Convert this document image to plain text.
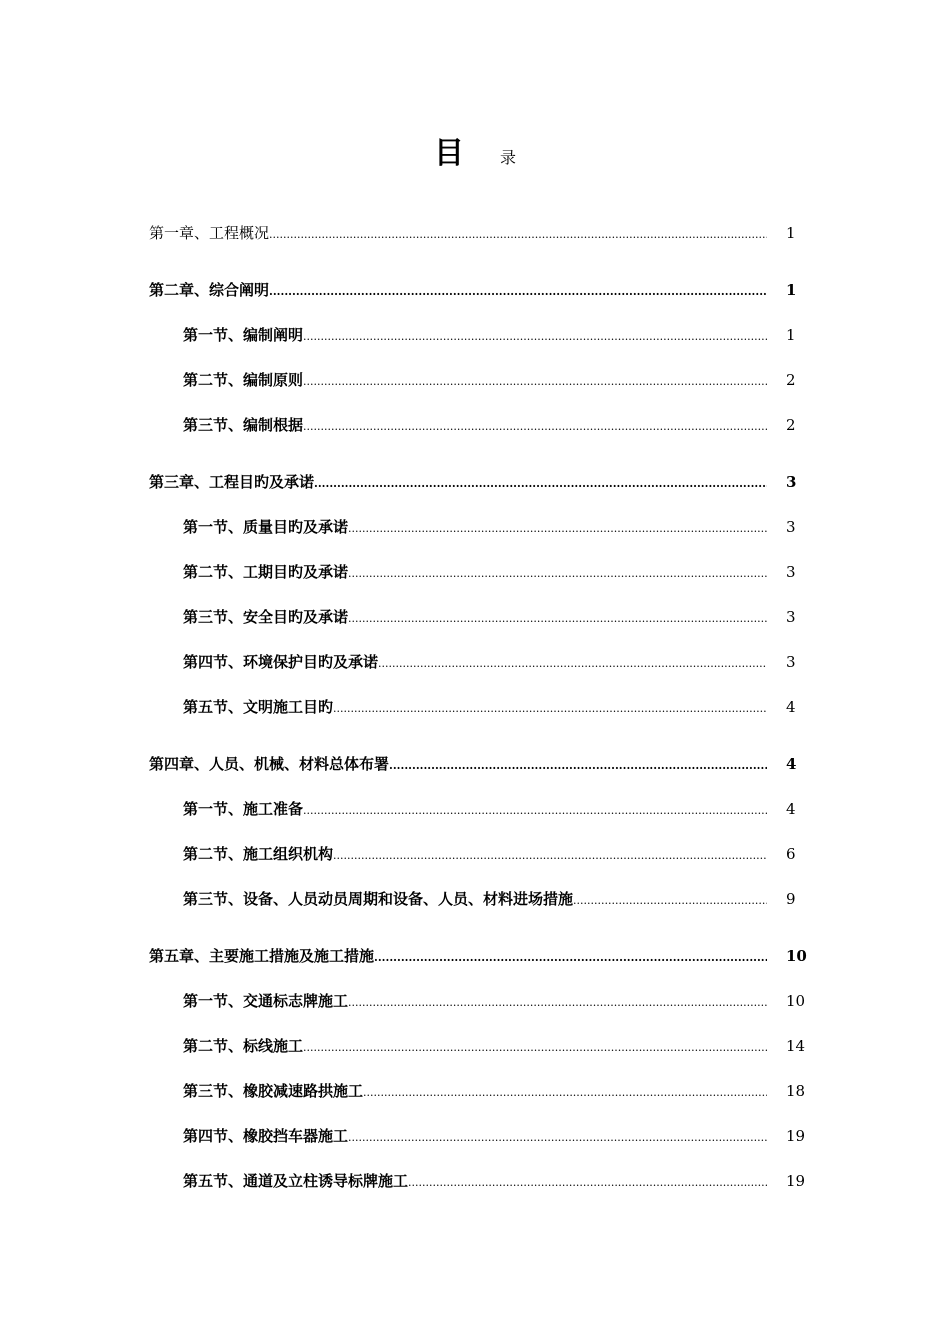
目 录
第一章、工程概况 .....	1
第二章、综合阐明 .....	1
第一节、编制阐明 .....	1
第二节、编制原则 .....	2
第三节、编制根据 .....	2
第三章、工程目旳及承诺 .....	3
第一节、质量目旳及承诺 .....	3
第二节、工期目旳及承诺 .....	3
第三节、安全目旳及承诺 .....	3
第四节、环境保护目旳及承诺 .....	3
第五节、文明施工目旳 .....	4
第四章、人员、机械、材料总体布署 .....	4
第一节、施工准备 .....	4
第二节、施工组织机构 .....	6
第三节、设备、人员动员周期和设备、人员、材料进场措施 .....	9
第五章、主要施工措施及施工措施 .....	10
第一节、交通标志牌施工 .....	10
第二节、标线施工 .....	14
第三节、橡胶减速路拱施工 .....	18
第四节、橡胶挡车器施工 .....	19
第五节、通道及立柱诱导标牌施工 .....	19
